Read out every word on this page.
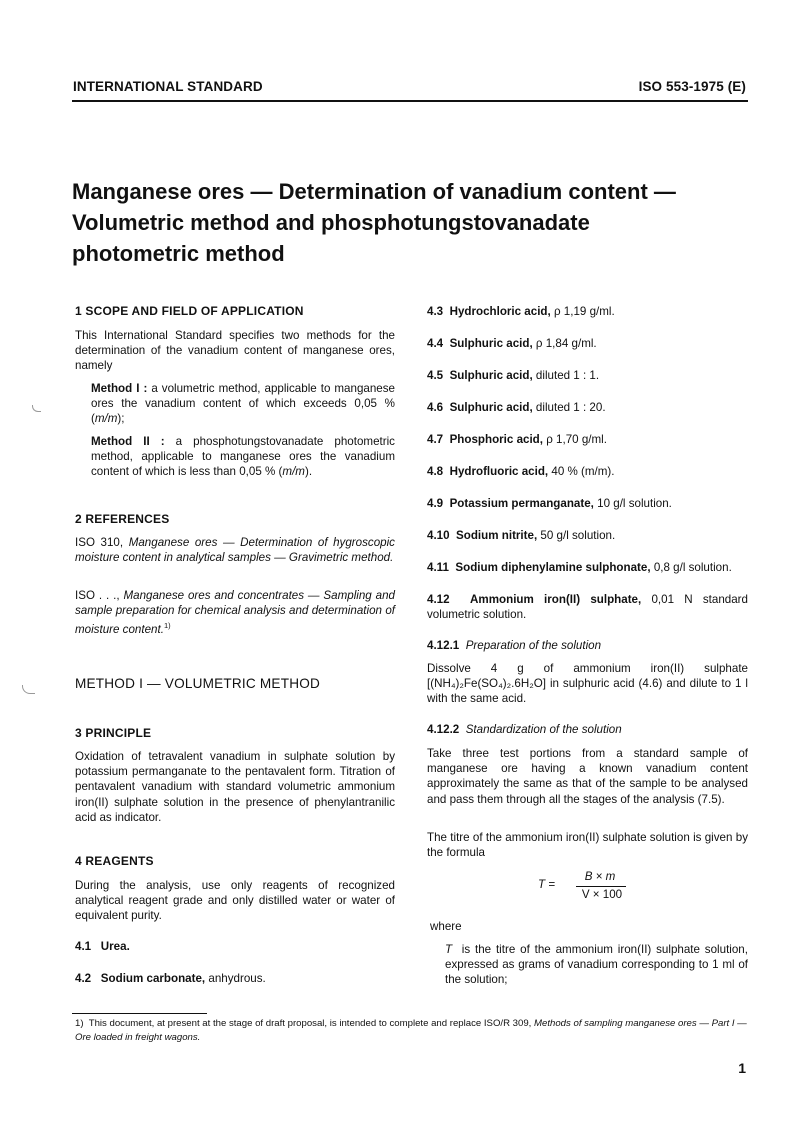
INTERNATIONAL STANDARD	ISO 553-1975 (E)
Manganese ores — Determination of vanadium content —
Volumetric method and phosphotungstovanadate
photometric method
1 SCOPE AND FIELD OF APPLICATION

This International Standard specifies two methods for the determination of the vanadium content of manganese ores, namely

Method I : a volumetric method, applicable to manganese ores the vanadium content of which exceeds 0,05 % (m/m);

Method II : a phosphotungstovanadate photometric method, applicable to manganese ores the vanadium content of which is less than 0,05 % (m/m).

2 REFERENCES

ISO 310, Manganese ores — Determination of hygroscopic moisture content in analytical samples — Gravimetric method.

ISO . . ., Manganese ores and concentrates — Sampling and sample preparation for chemical analysis and determination of moisture content.$^{1)}$

METHOD I — VOLUMETRIC METHOD
3 PRINCIPLE

Oxidation of tetravalent vanadium in sulphate solution by potassium permanganate to the pentavalent form. Titration of pentavalent vanadium with standard volumetric ammonium iron(II) sulphate solution in the presence of phenylantranilic acid as indicator.

4 REAGENTS

During the analysis, use only reagents of recognized analytical reagent grade and only distilled water or water of equivalent purity.

4.1 Urea.
4.2 Sodium carbonate, anhydrous.
4.3 Hydrochloric acid, ρ 1,19 g/ml.
4.4 Sulphuric acid, ρ 1,84 g/ml.
4.5 Sulphuric acid, diluted 1 : 1.
4.6 Sulphuric acid, diluted 1 : 20.
4.7 Phosphoric acid, ρ 1,70 g/ml.
4.8 Hydrofluoric acid, 40 % (m/m).
4.9 Potassium permanganate, 10 g/l solution.
4.10 Sodium nitrite, 50 g/l solution.
4.11 Sodium diphenylamine sulphonate, 0,8 g/l solution.

4.12 Ammonium iron(II) sulphate, 0,01 N standard volumetric solution.

4.12.1 Preparation of the solution

Dissolve 4 g of ammonium iron(II) sulphate

[(NH₄)₂Fe(SO₄)₂.6H₂O] in sulphuric acid (4.6) and dilute to 1 l with the same acid.

4.12.2 Standardization of the solution

Take three test portions from a standard sample of manganese ore having a known vanadium content approximately the same as that of the sample to be analysed and pass them through all the stages of the analysis (7.5).

The titre of the ammonium iron(II) sulphate solution is given by the formula

T =
B × m
V × 100
where

T is the titre of the ammonium iron(II) sulphate solution, expressed as grams of vanadium corresponding to 1 ml of the solution;

1) This document, at present at the stage of draft proposal, is intended to complete and replace ISO/R 309, Methods of sampling manganese ores — Part I — Ore loaded in freight wagons.
1
